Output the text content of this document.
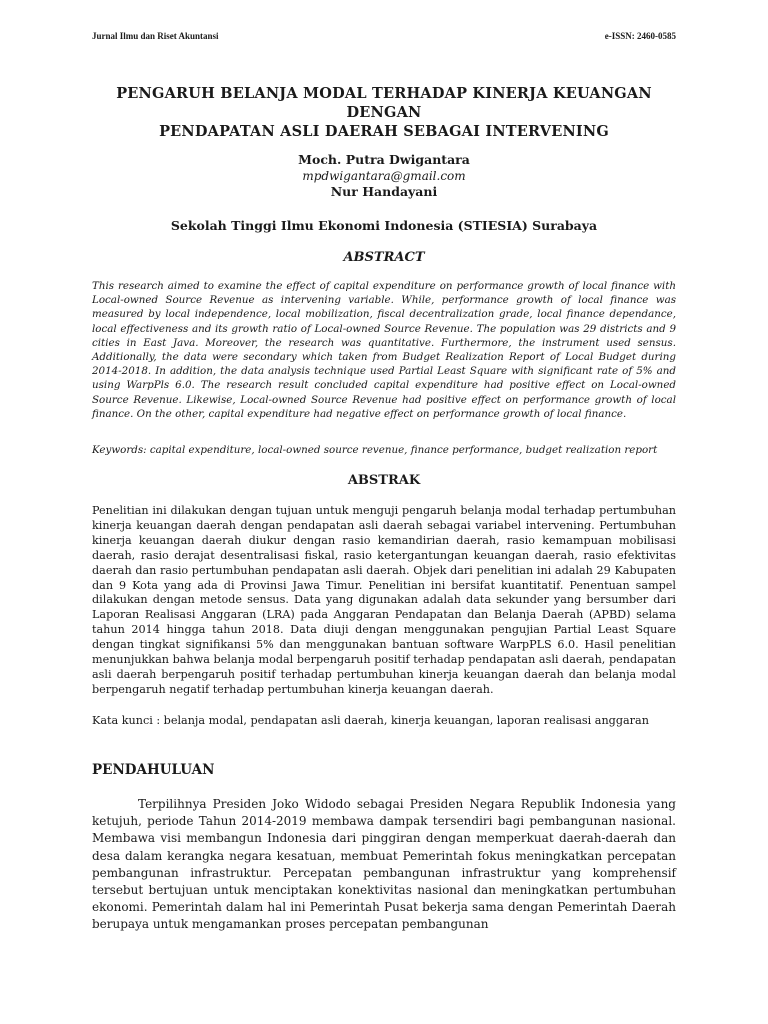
Jurnal Ilmu dan Riset Akuntansi	e-ISSN: 2460-0585
PENGARUH BELANJA MODAL TERHADAP KINERJA KEUANGAN DENGAN
PENDAPATAN ASLI DAERAH SEBAGAI INTERVENING
Moch. Putra Dwigantara
mpdwigantara@gmail.com
Nur Handayani
Sekolah Tinggi Ilmu Ekonomi Indonesia (STIESIA) Surabaya
ABSTRACT

This research aimed to examine the effect of capital expenditure on performance growth of local finance with Local-owned Source Revenue as intervening variable. While, performance growth of local finance was measured by local independence, local mobilization, fiscal decentralization grade, local finance dependance, local effectiveness and its growth ratio of Local-owned Source Revenue. The population was 29 districts and 9 cities in East Java. Moreover, the research was quantitative. Furthermore, the instrument used sensus. Additionally, the data were secondary which taken from Budget Realization Report of Local Budget during 2014-2018. In addition, the data analysis technique used Partial Least Square with significant rate of 5% and using WarpPls 6.0. The research result concluded capital expenditure had positive effect on Local-owned Source Revenue. Likewise, Local-owned Source Revenue had positive effect on performance growth of local finance. On the other, capital expenditure had negative effect on performance growth of local finance.

Keywords: capital expenditure, local-owned source revenue, finance performance, budget realization report

ABSTRAK

Penelitian ini dilakukan dengan tujuan untuk menguji pengaruh belanja modal terhadap pertumbuhan kinerja keuangan daerah dengan pendapatan asli daerah sebagai variabel intervening. Pertumbuhan kinerja keuangan daerah diukur dengan rasio kemandirian daerah, rasio kemampuan mobilisasi daerah, rasio derajat desentralisasi fiskal, rasio ketergantungan keuangan daerah, rasio efektivitas daerah dan rasio pertumbuhan pendapatan asli daerah. Objek dari penelitian ini adalah 29 Kabupaten dan 9 Kota yang ada di Provinsi Jawa Timur. Penelitian ini bersifat kuantitatif. Penentuan sampel dilakukan dengan metode sensus. Data yang digunakan adalah data sekunder yang bersumber dari Laporan Realisasi Anggaran (LRA) pada Anggaran Pendapatan dan Belanja Daerah (APBD) selama tahun 2014 hingga tahun 2018. Data diuji dengan menggunakan pengujian Partial Least Square dengan tingkat signifikansi 5% dan menggunakan bantuan software WarpPLS 6.0. Hasil penelitian menunjukkan bahwa belanja modal berpengaruh positif terhadap pendapatan asli daerah, pendapatan asli daerah berpengaruh positif terhadap pertumbuhan kinerja keuangan daerah dan belanja modal berpengaruh negatif terhadap pertumbuhan kinerja keuangan daerah.

Kata kunci : belanja modal, pendapatan asli daerah, kinerja keuangan, laporan realisasi anggaran

PENDAHULUAN

Terpilihnya Presiden Joko Widodo sebagai Presiden Negara Republik Indonesia yang ketujuh, periode Tahun 2014-2019 membawa dampak tersendiri bagi pembangunan nasional. Membawa visi membangun Indonesia dari pinggiran dengan memperkuat daerah-daerah dan desa dalam kerangka negara kesatuan, membuat Pemerintah fokus meningkatkan percepatan pembangunan infrastruktur. Percepatan pembangunan infrastruktur yang komprehensif tersebut bertujuan untuk menciptakan konektivitas nasional dan meningkatkan pertumbuhan ekonomi. Pemerintah dalam hal ini Pemerintah Pusat bekerja sama dengan Pemerintah Daerah berupaya untuk mengamankan proses percepatan pembangunan
